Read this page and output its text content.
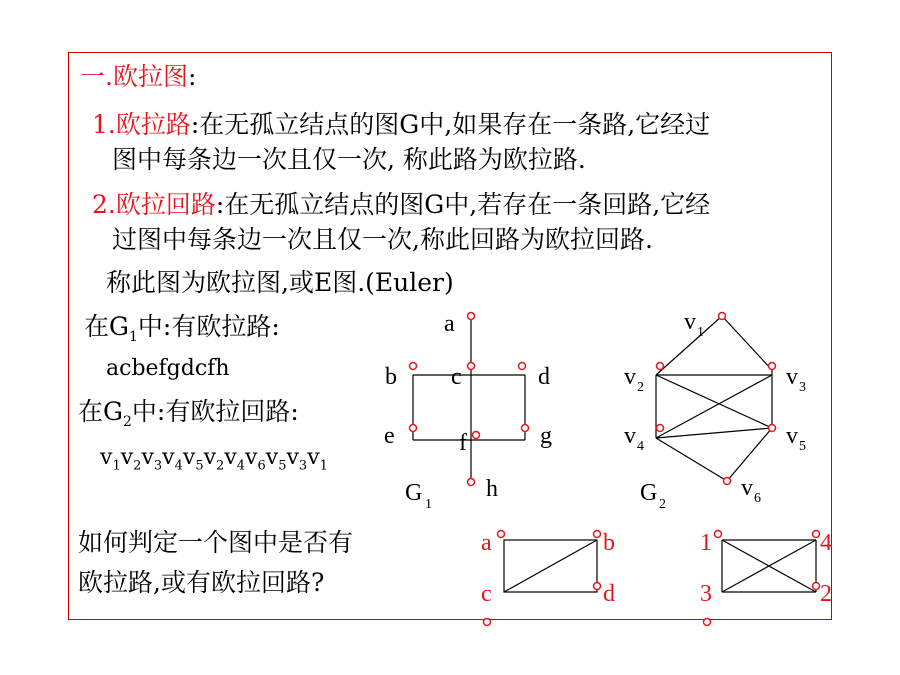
一.欧拉图:
1.欧拉路:在无孤立结点的图G中,如果存在一条路,它经过
图中每条边一次且仅一次, 称此路为欧拉路.
2.欧拉回路:在无孤立结点的图G中,若存在一条回路,它经
过图中每条边一次且仅一次,称此回路为欧拉回路.
称此图为欧拉图,或E图.(Euler)
在$G_1$中:有欧拉路:
acbefgdcfh
在$G_2$中:有欧拉回路:
$v_1v_2v_3v_4v_5v_2v_4v_6v_5v_3v_1$
如何判定一个图中是否有
欧拉路,或有欧拉回路?
a
b c	d
e	f	g
h
G 1
v 1
v 2	v 3
v 4	v 5
v 6
G 2
a	b
c	d
1	4
3	2
